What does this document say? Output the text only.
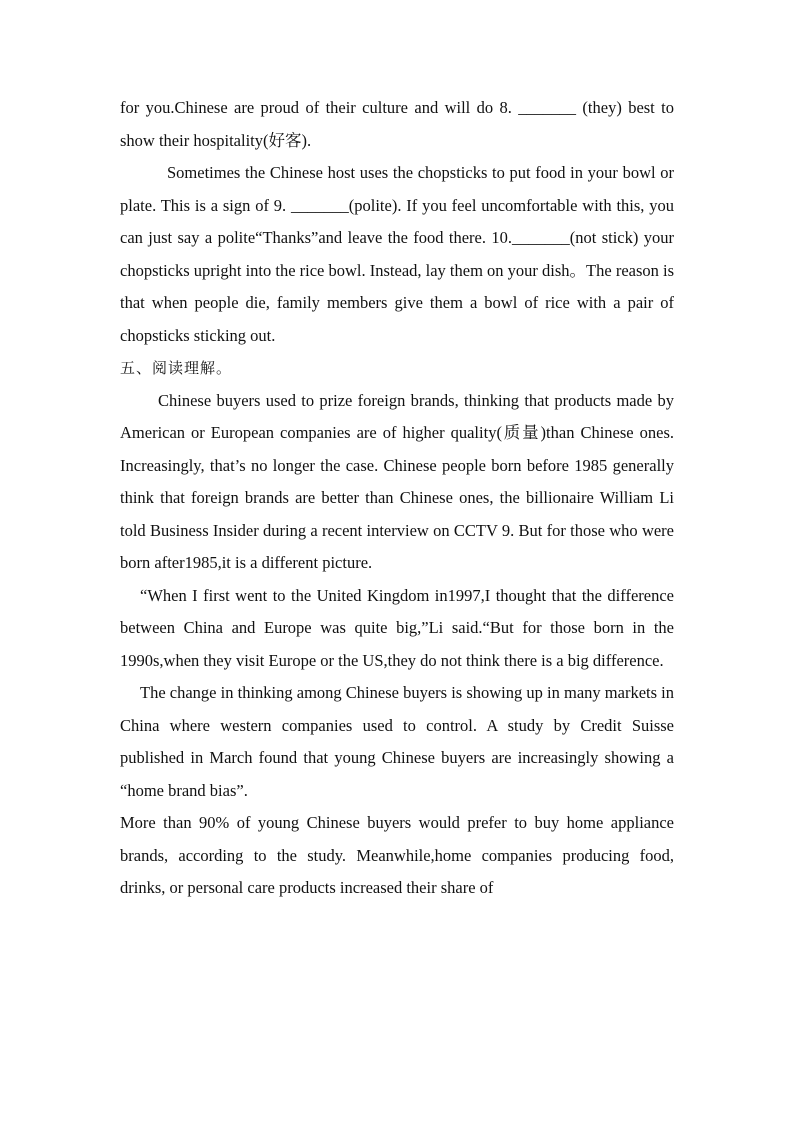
for you.Chinese are proud of their culture and will do 8. _______ (they) best to show their hospitality(好客).

Sometimes the Chinese host uses the chopsticks to put food in your bowl or plate. This is a sign of 9. _______(polite). If you feel uncomfortable with this, you can just say a polite“Thanks”and leave the food there. 10._______(not stick) your chopsticks upright into the rice bowl. Instead, lay them on your dish。The reason is that when people die, family members give them a bowl of rice with a pair of chopsticks sticking out.

五、阅读理解。

Chinese buyers used to prize foreign brands, thinking that products made by American or European companies are of higher quality(质量)than Chinese ones. Increasingly, that’s no longer the case. Chinese people born before 1985 generally think that foreign brands are better than Chinese ones, the billionaire William Li told Business Insider during a recent interview on CCTV 9. But for those who were born after1985,it is a different picture.

“When I first went to the United Kingdom in1997,I thought that the difference between China and Europe was quite big,”Li said.“But for those born in the 1990s,when they visit Europe or the US,they do not think there is a big difference.

The change in thinking among Chinese buyers is showing up in many markets in China where western companies used to control. A study by Credit Suisse published in March found that young Chinese buyers are increasingly showing a “home brand bias”.

More than 90% of young Chinese buyers would prefer to buy home appliance brands, according to the study. Meanwhile,home companies producing food, drinks, or personal care products increased their share of
